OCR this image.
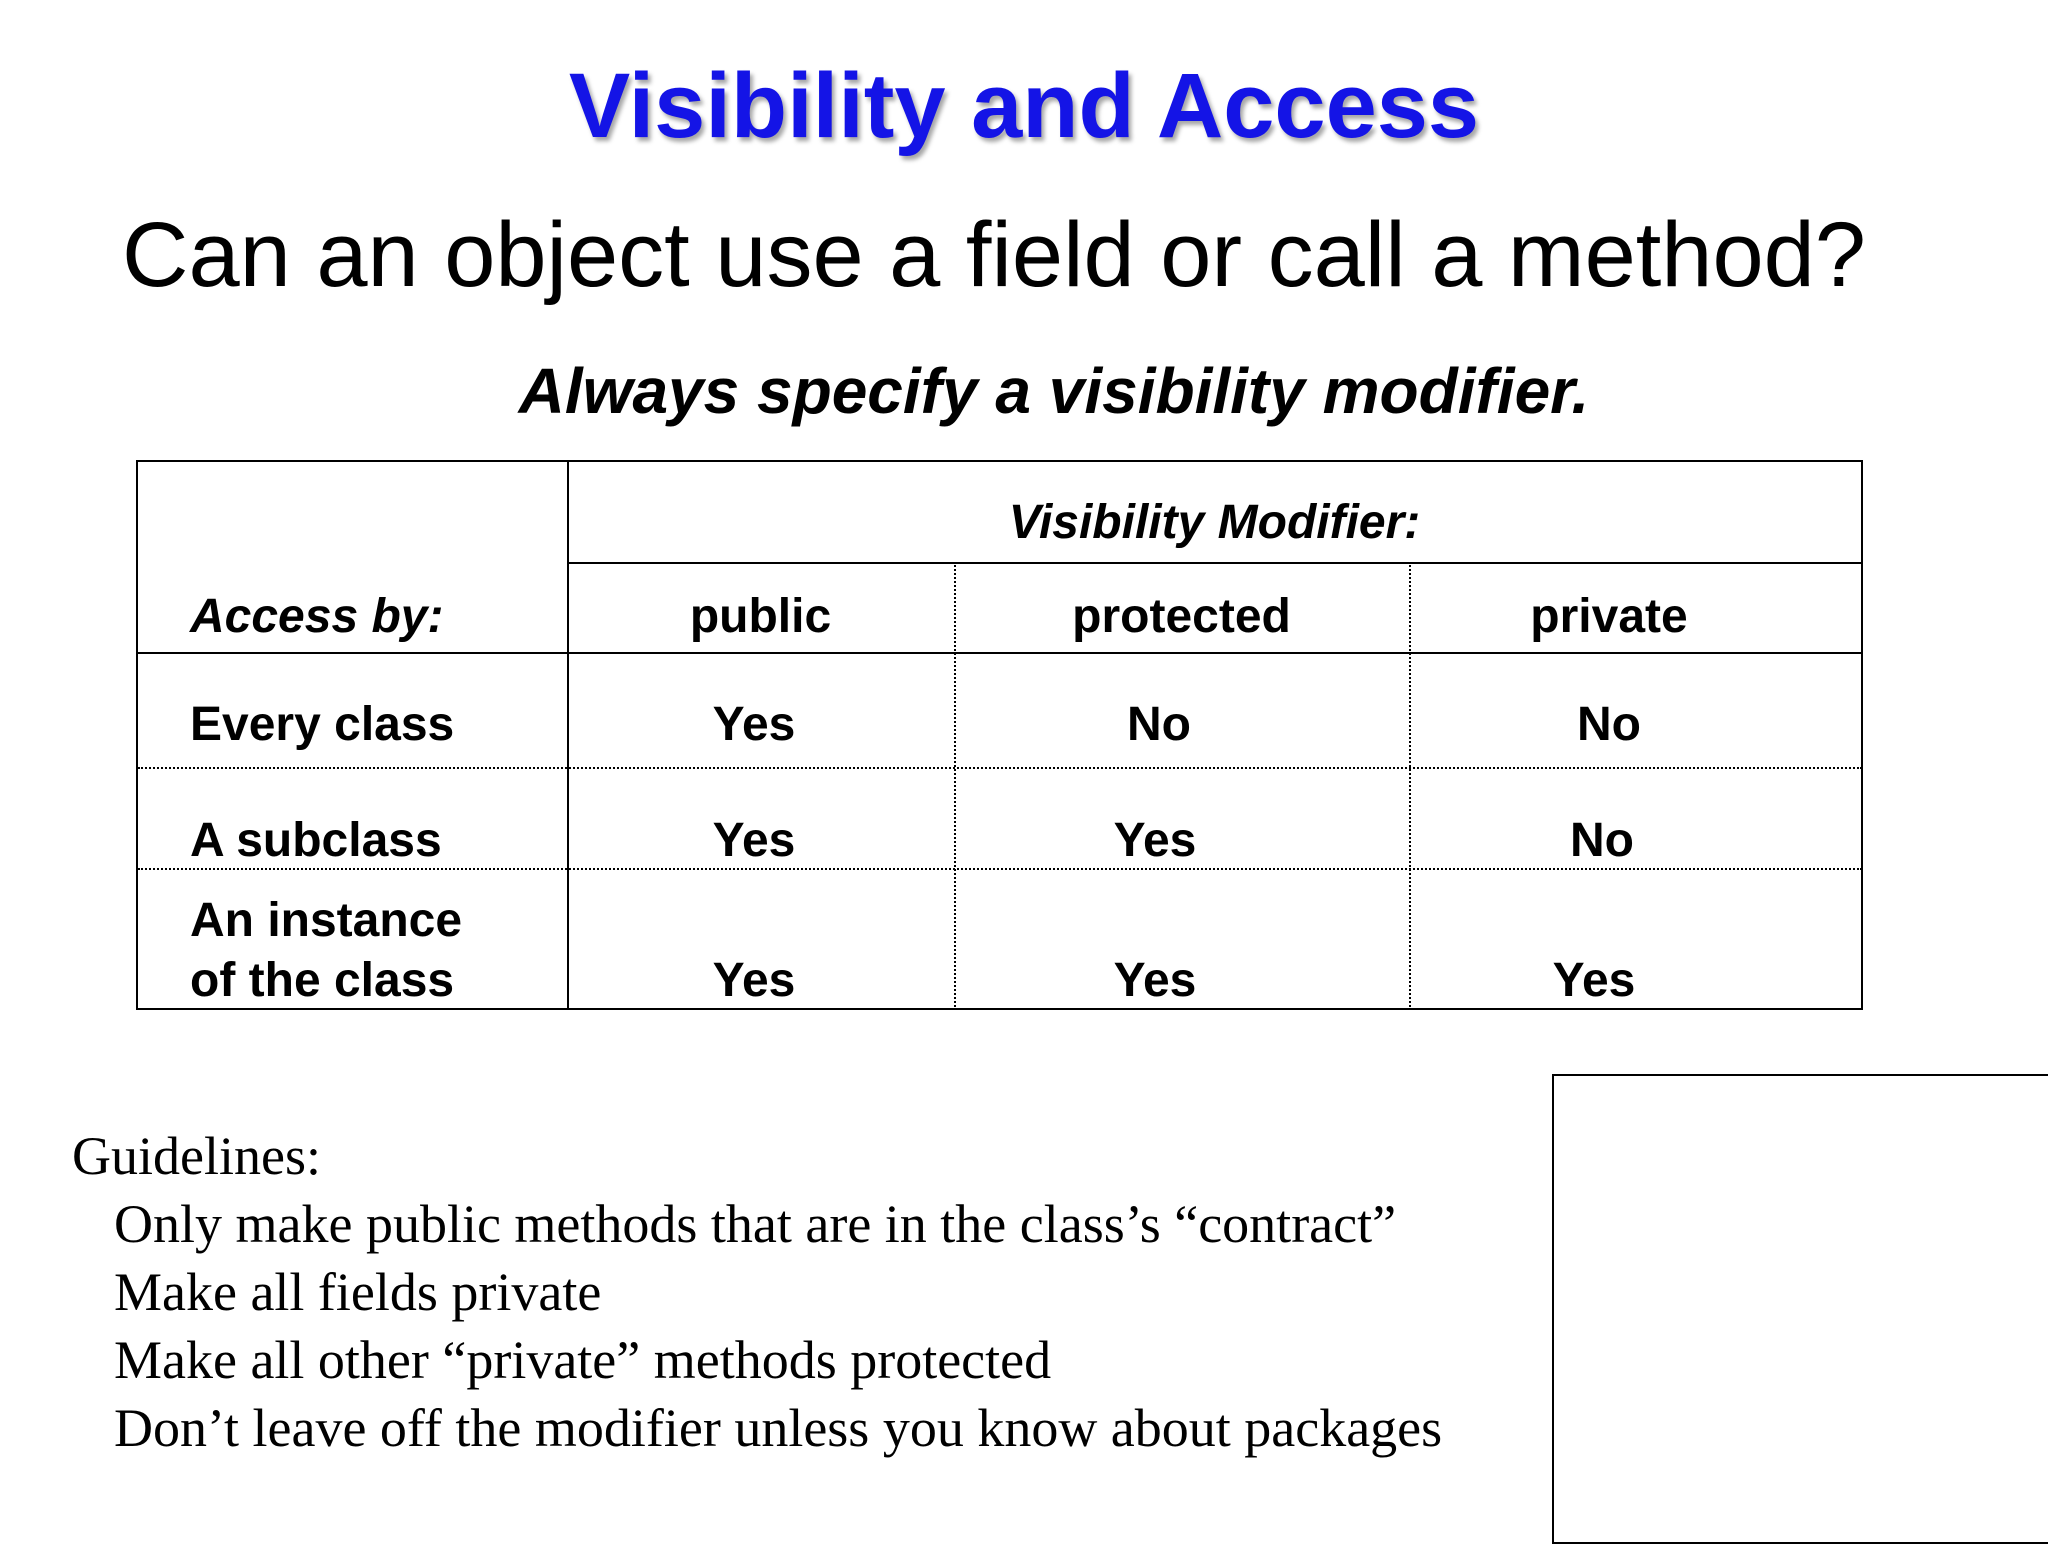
Visibility and Access
Can an object use a field or call a method?
Always specify a visibility modifier.
Visibility Modifier:
Access by:	public	protected	private
Every class	Yes	No	No
A subclass	Yes	Yes	No
An instance
of the class	Yes	Yes	Yes
Guidelines:
Only make public methods that are in the class’s “contract”
Make all fields private
Make all other “private” methods protected
Don’t leave off the modifier unless you know about packages
